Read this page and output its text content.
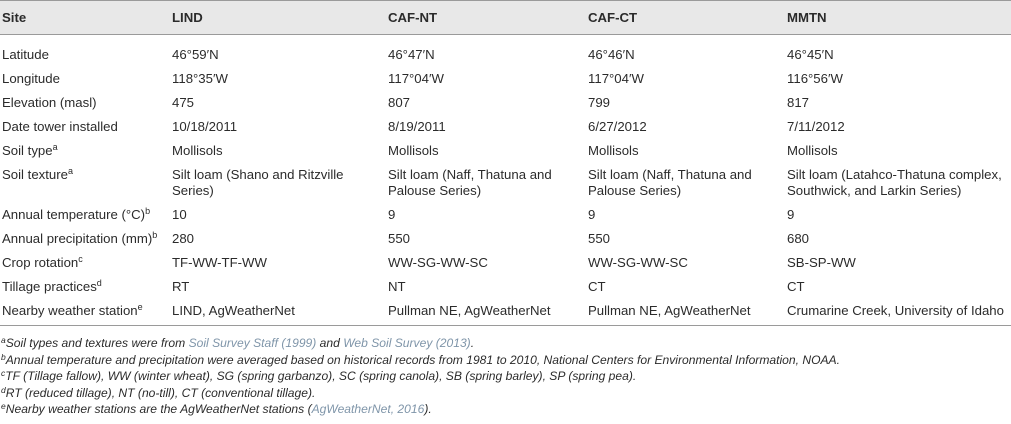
Site	LIND	CAF-NT	CAF-CT	MMTN
Latitude	46°59′N	46°47′N	46°46′N	46°45′N
Longitude	118°35′W	117°04′W	117°04′W	116°56′W
Elevation (masl)	475	807	799	817
Date tower installed	10/18/2011	8/19/2011	6/27/2012	7/11/2012
Soil type$^a$	Mollisols	Mollisols	Mollisols	Mollisols
Soil texture$^a$	Silt loam (Shano and Ritzville Series)	Silt loam (Naff, Thatuna and Palouse Series)	Silt loam (Naff, Thatuna and Palouse Series)	Silt loam (Latahco-Thatuna complex, Southwick, and Larkin Series)
Annual temperature $(^\circ C)^b$	10	9	9	9
Annual precipitation (mm)$^b$	280	550	550	680
Crop rotation$^c$	TF-WW-TF-WW	WW-SG-WW-SC	WW-SG-WW-SC	SB-SP-WW
Tillage practices$^d$	RT	NT	CT	CT
Nearby weather station$^e$	LIND, AgWeatherNet	Pullman NE, AgWeatherNet	Pullman NE, AgWeatherNet	Crumarine Creek, University of Idaho
$^a$Soil types and textures were from Soil Survey Staff (1999) and Web Soil Survey (2013).
$^b$Annual temperature and precipitation were averaged based on historical records from 1981 to 2010, National Centers for Environmental Information, NOAA.
$^c$TF (Tillage fallow), WW (winter wheat), SG (spring garbanzo), SC (spring canola), SB (spring barley), SP (spring pea).
$^d$RT (reduced tillage), NT (no-till), CT (conventional tillage).
$^e$Nearby weather stations are the AgWeatherNet stations (AgWeatherNet, 2016).
